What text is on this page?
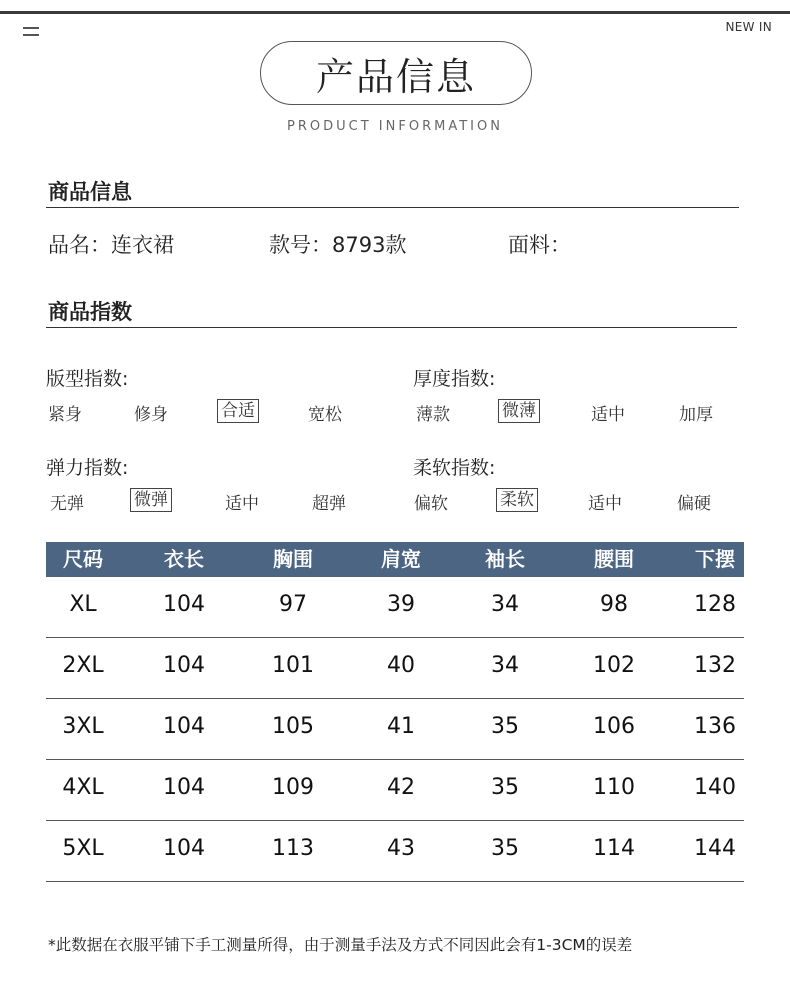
NEW IN
产品信息
PRODUCT INFORMATION
商品信息
品名：连衣裙	款号：8793款	面料：
商品指数
版型指数:
紧身	修身	合适	宽松
厚度指数:
薄款	微薄	适中	加厚
弹力指数:
无弹	微弹	适中	超弹
柔软指数:
偏软	柔软	适中	偏硬
尺码	衣长	胸围	肩宽	袖长	腰围	下摆
XL	104	97	39	34	98	128
2XL	104	101	40	34	102	132
3XL	104	105	41	35	106	136
4XL	104	109	42	35	110	140
5XL	104	113	43	35	114	144
*此数据在衣服平铺下手工测量所得，由于测量手法及方式不同因此会有1-3CM的误差
